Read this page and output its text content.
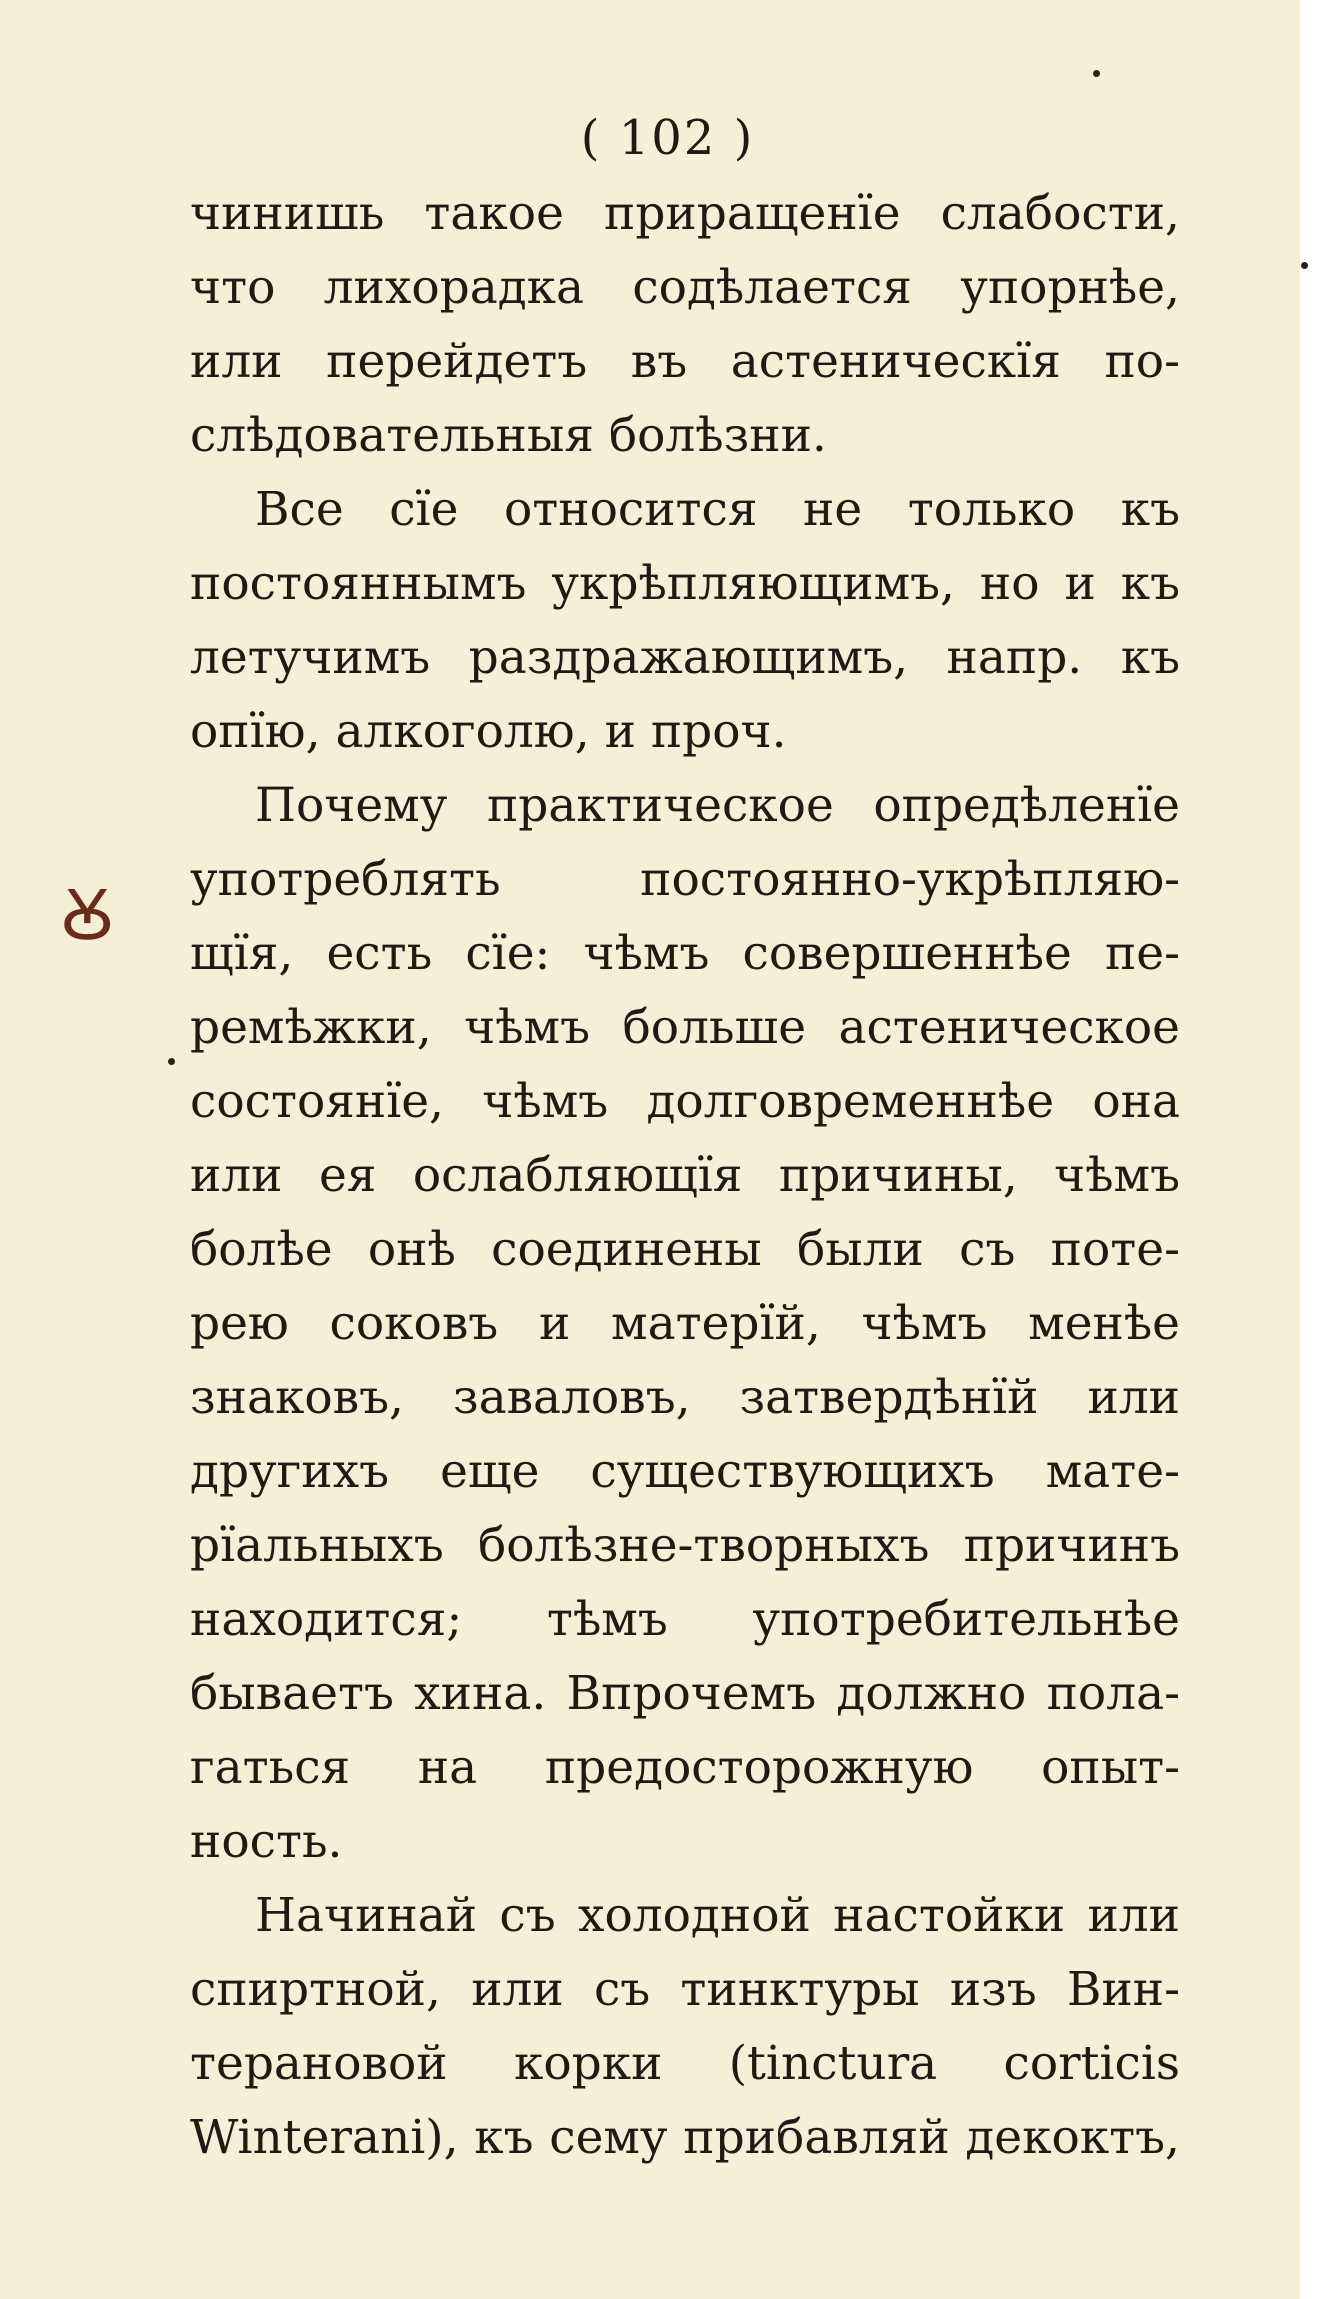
( 102 )
Ꙋ
чинишь такое приращенїе слабости,
что лихорадка содѣлается упорнѣе,
или перейдетъ въ астеническїя по-
слѣдовательныя болѣзни.
Все сїе относится не только къ
постояннымъ укрѣпляющимъ, но и къ
летучимъ раздражающимъ, напр. къ
опїю, алкоголю, и проч.
Почему практическое опредѣленїе
употреблять постоянно-укрѣпляю-
щїя, есть сїе: чѣмъ совершеннѣе пе-
ремѣжки, чѣмъ больше астеническое
состоянїе, чѣмъ долговременнѣе она
или ея ослабляющїя причины, чѣмъ
болѣе онѣ соединены были съ поте-
рею соковъ и матерїй, чѣмъ менѣе
знаковъ, заваловъ, затвердѣнїй или
другихъ еще существующихъ мате-
рїальныхъ болѣзне-творныхъ причинъ
находится; тѣмъ употребительнѣе
бываетъ хина. Впрочемъ должно пола-
гаться на предосторожную опыт-
ность.
Начинай съ холодной настойки или
спиртной, или съ тинктуры изъ Вин-
терановой корки (tinctura corticis
Winterani), къ сему прибавляй декоктъ,
